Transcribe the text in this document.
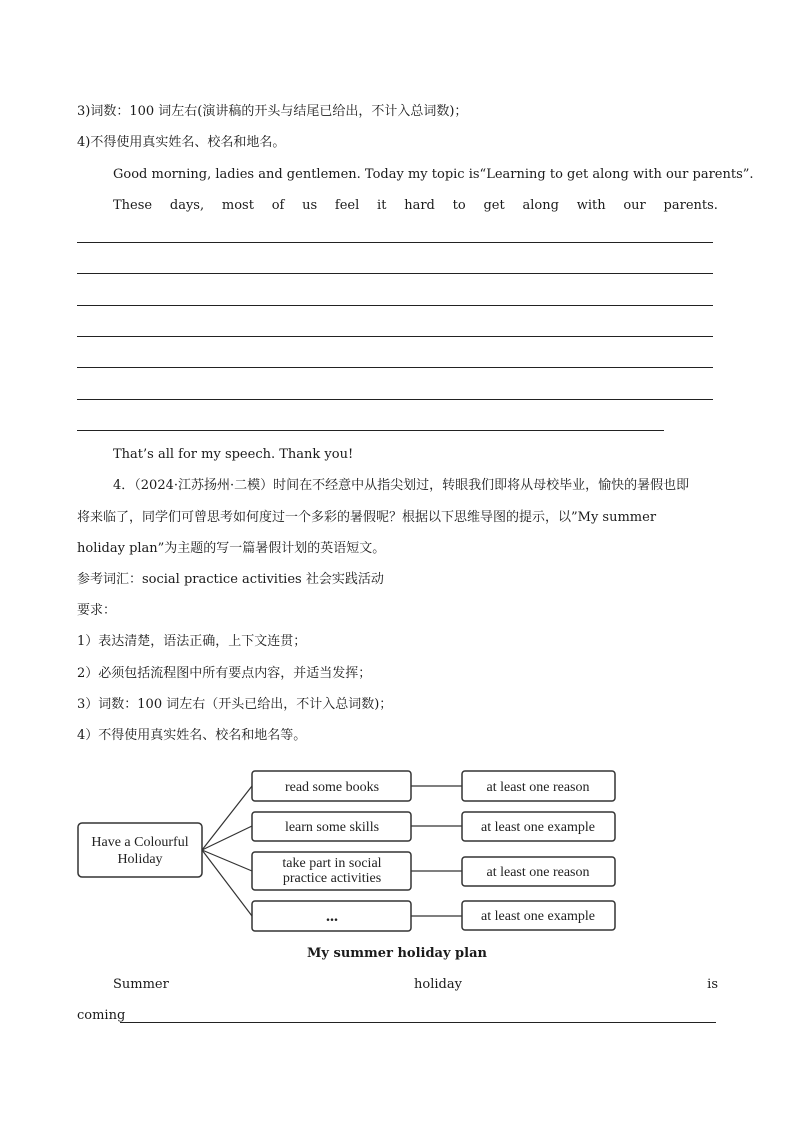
3)词数：100 词左右(演讲稿的开头与结尾已给出，不计入总词数)；
4)不得使用真实姓名、校名和地名。
Good morning, ladies and gentlemen. Today my topic is“Learning to get along with our parents”.
These days, most of us feel it hard to get along with our parents.
That’s all for my speech. Thank you!
4．（2024·江苏扬州·二模）时间在不经意中从指尖划过，转眼我们即将从母校毕业，愉快的暑假也即
将来临了，同学们可曾思考如何度过一个多彩的暑假呢？根据以下思维导图的提示，以”My summer
holiday plan”为主题的写一篇暑假计划的英语短文。
参考词汇：social practice activities 社会实践活动
要求：
1）表达清楚，语法正确，上下文连贯；
2）必须包括流程图中所有要点内容，并适当发挥；
3）词数：100 词左右（开头已给出，不计入总词数)；
4）不得使用真实姓名、校名和地名等。
Have a Colourful
Holiday
read some books	at least one reason
learn some skills	at least one example
take part in social
practice activities	at least one reason
...	at least one example
My summer holiday plan
Summer	holiday	is
coming
